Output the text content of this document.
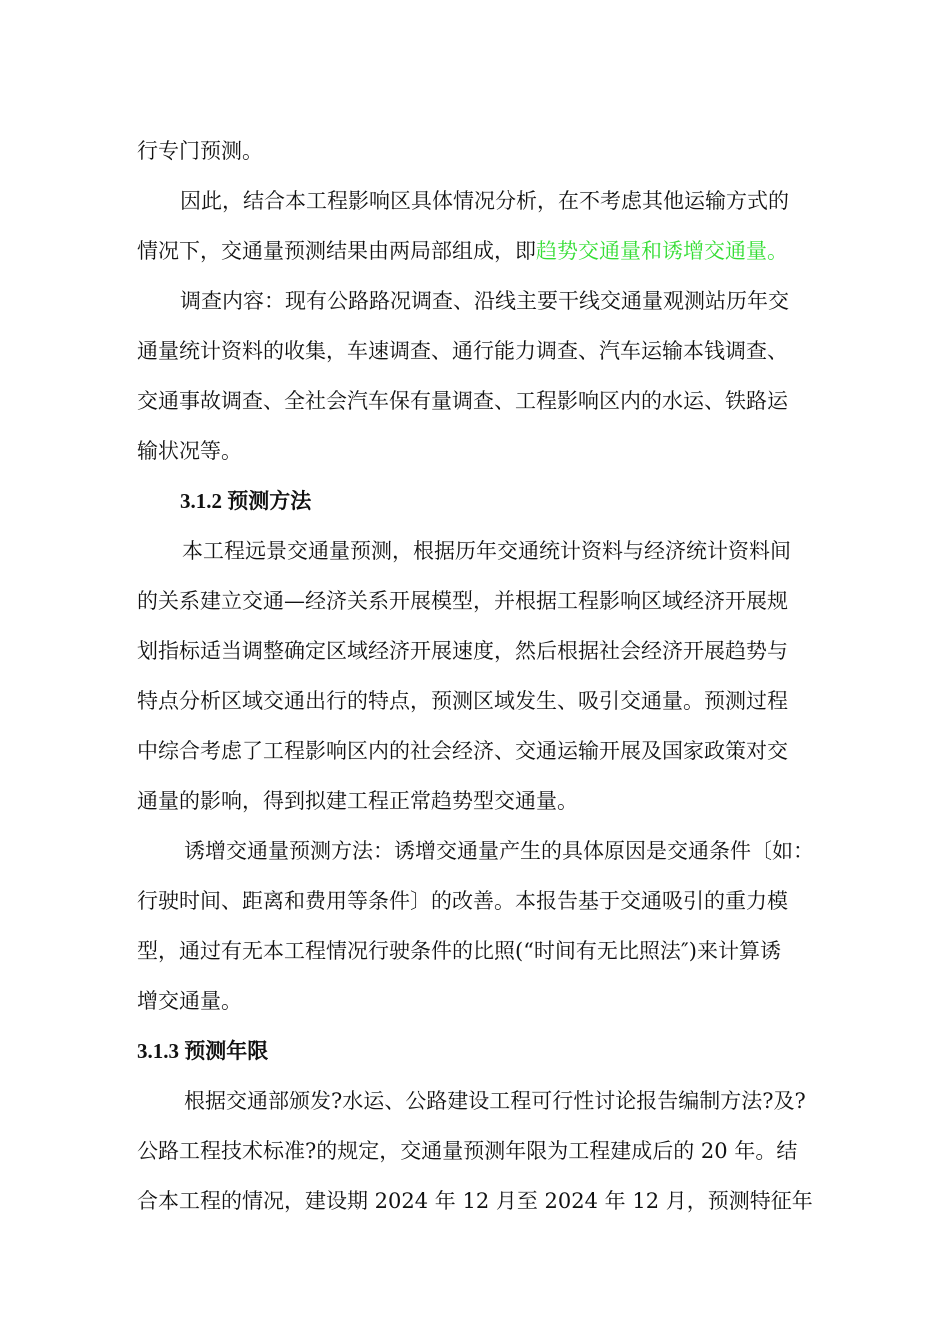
行专门预测。
因此，结合本工程影响区具体情况分析，在不考虑其他运输方式的
情况下，交通量预测结果由两局部组成，即趋势交通量和诱增交通量。
调查内容：现有公路路况调查、沿线主要干线交通量观测站历年交
通量统计资料的收集，车速调查、通行能力调查、汽车运输本钱调查、
交通事故调查、全社会汽车保有量调查、工程影响区内的水运、铁路运
输状况等。
3.1.2 预测方法
本工程远景交通量预测，根据历年交通统计资料与经济统计资料间
的关系建立交通—经济关系开展模型，并根据工程影响区域经济开展规
划指标适当调整确定区域经济开展速度，然后根据社会经济开展趋势与
特点分析区域交通出行的特点，预测区域发生、吸引交通量。预测过程
中综合考虑了工程影响区内的社会经济、交通运输开展及国家政策对交
通量的影响，得到拟建工程正常趋势型交通量。
诱增交通量预测方法：诱增交通量产生的具体原因是交通条件〔如：
行驶时间、距离和费用等条件〕的改善。本报告基于交通吸引的重力模
型，通过有无本工程情况行驶条件的比照(“时间有无比照法″)来计算诱
增交通量。
3.1.3 预测年限
根据交通部颁发?水运、公路建设工程可行性讨论报告编制方法?及?
公路工程技术标准?的规定，交通量预测年限为工程建成后的 20 年。结
合本工程的情况，建设期 2024 年 12 月至 2024 年 12 月，预测特征年
